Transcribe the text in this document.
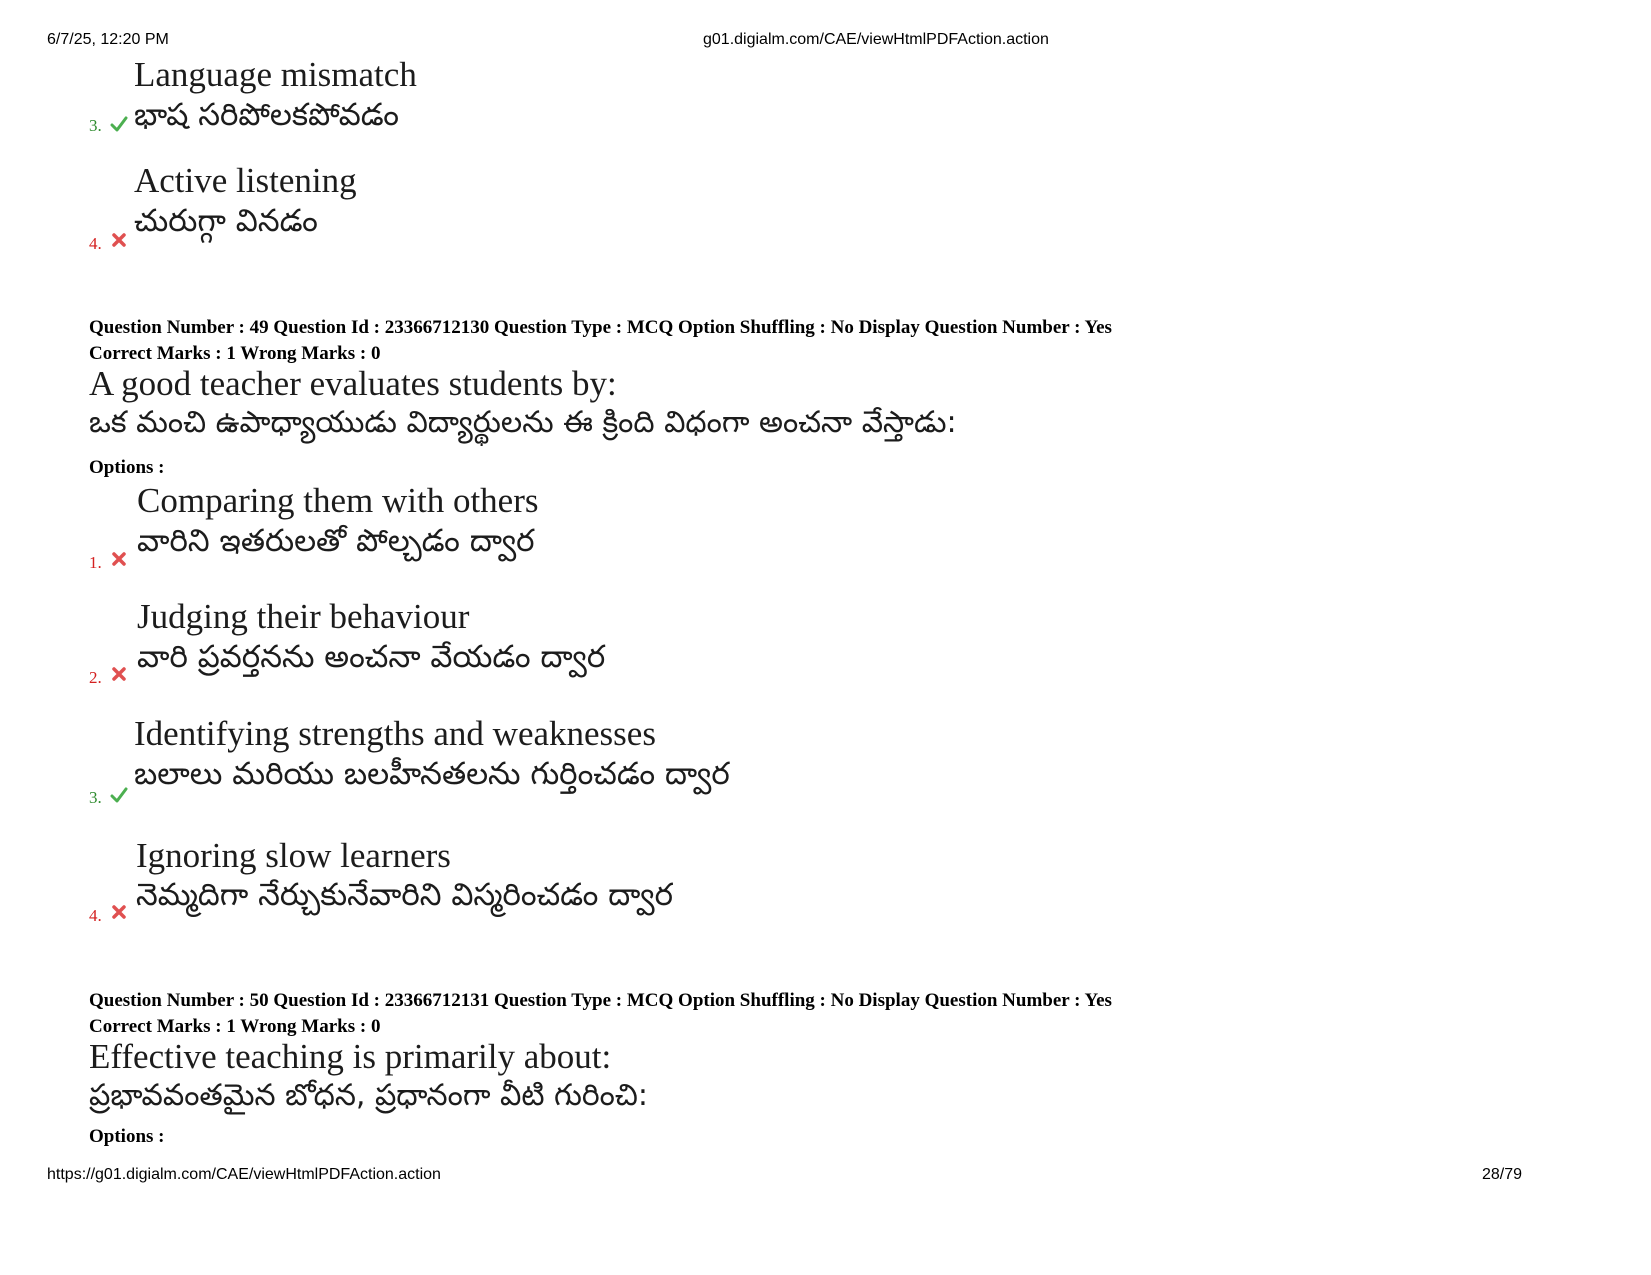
6/7/25, 12:20 PM	g01.digialm.com/CAE/viewHtmlPDFAction.action
Language mismatch
భాష సరిపోలకపోవడం
3.
Active listening
చురుగ్గా వినడం
4.
Question Number : 49 Question Id : 23366712130 Question Type : MCQ Option Shuffling : No Display Question Number : Yes
Correct Marks : 1 Wrong Marks : 0
A good teacher evaluates students by:
ఒక మంచి ఉపాధ్యాయుడు విద్యార్థులను ఈ క్రింది విధంగా అంచనా వేస్తాడు:
Options :
Comparing them with others
వారిని ఇతరులతో పోల్చడం ద్వార
1.
Judging their behaviour
వారి ప్రవర్తనను అంచనా వేయడం ద్వార
2.
Identifying strengths and weaknesses
బలాలు మరియు బలహీనతలను గుర్తించడం ద్వార
3.
Ignoring slow learners
నెమ్మదిగా నేర్చుకునేవారిని విస్మరించడం ద్వార
4.
Question Number : 50 Question Id : 23366712131 Question Type : MCQ Option Shuffling : No Display Question Number : Yes
Correct Marks : 1 Wrong Marks : 0
Effective teaching is primarily about:
ప్రభావవంతమైన బోధన, ప్రధానంగా వీటి గురించి:
Options :
https://g01.digialm.com/CAE/viewHtmlPDFAction.action	28/79
